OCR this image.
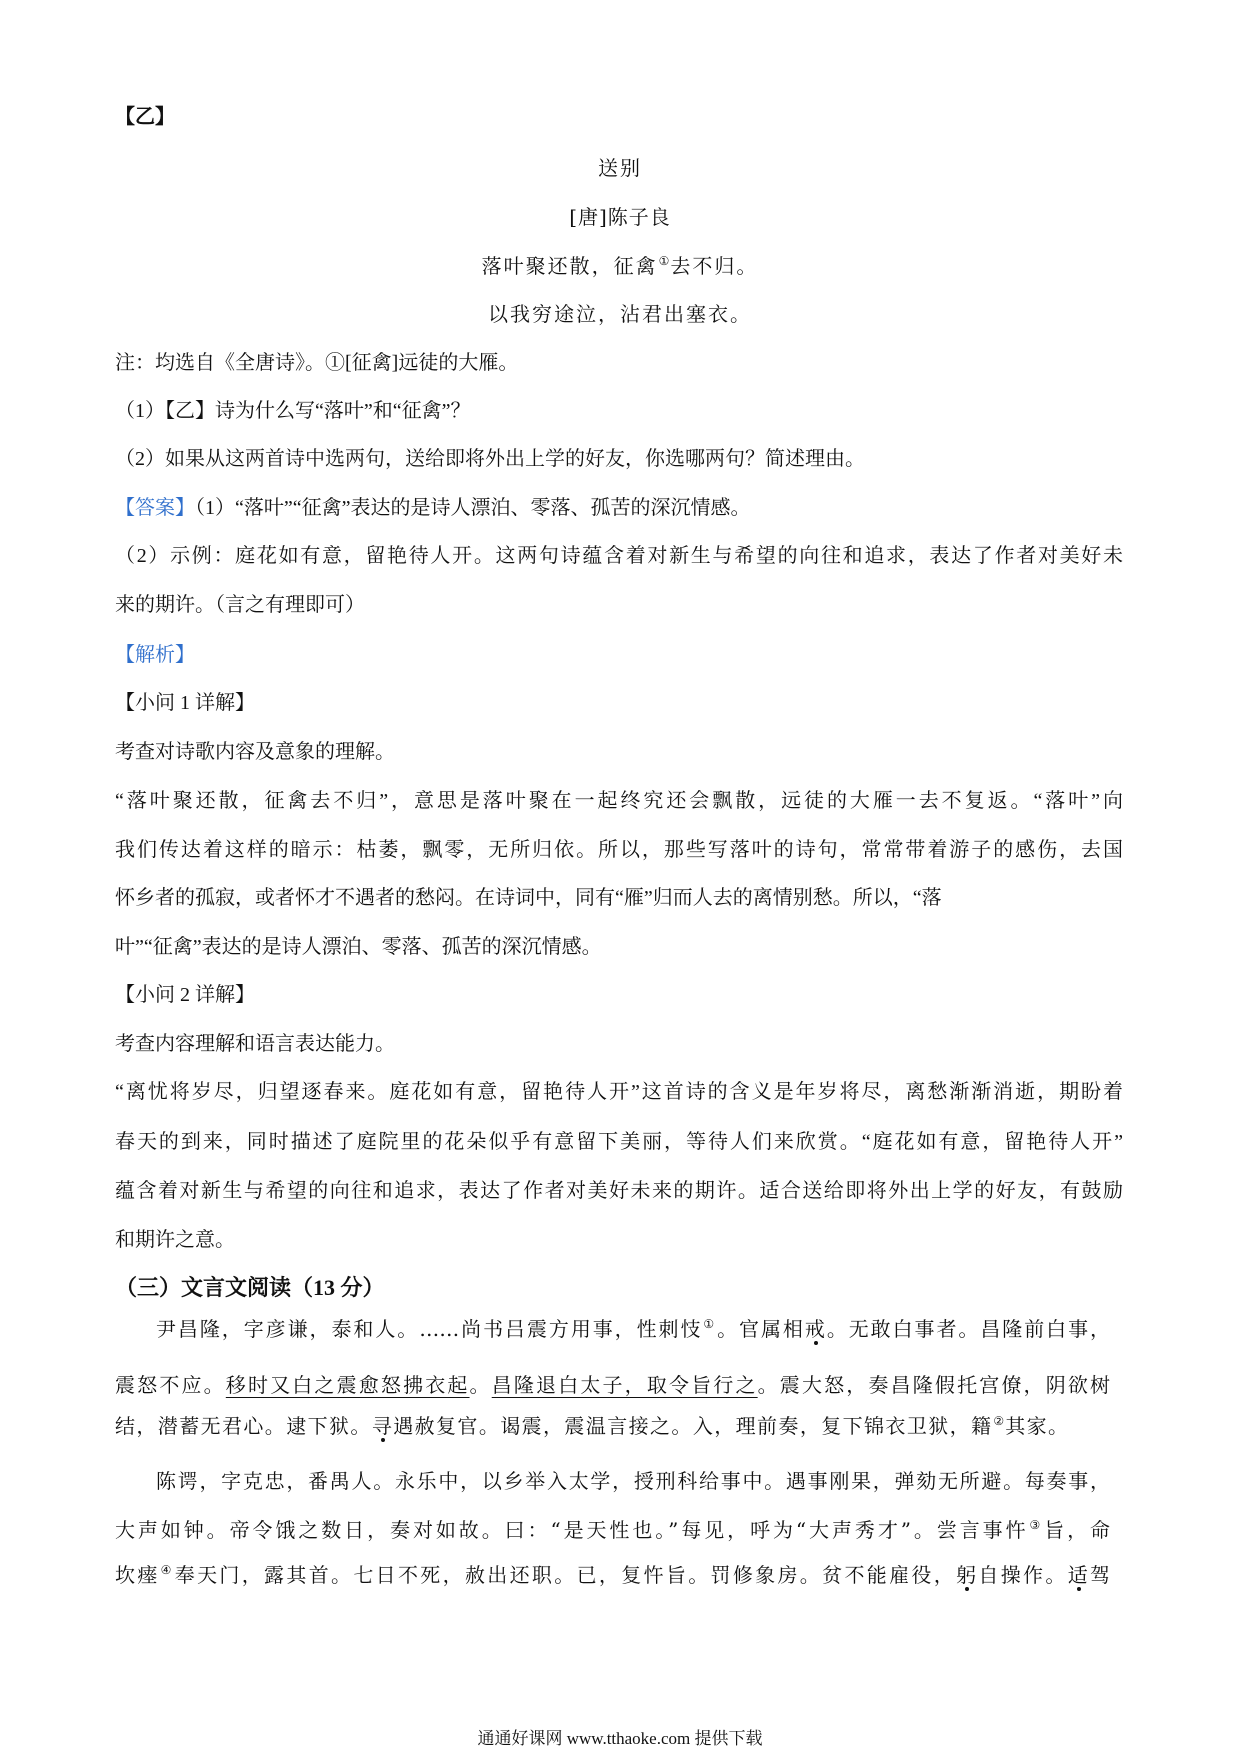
【乙】
送别
[唐]陈子良
落叶聚还散，征禽①去不归。
以我穷途泣，沾君出塞衣。
注：均选自《全唐诗》。①[征禽]远徒的大雁。
（1）【乙】诗为什么写“落叶”和“征禽”？
（2）如果从这两首诗中选两句，送给即将外出上学的好友，你选哪两句？简述理由。
【答案】（1）“落叶”“征禽”表达的是诗人漂泊、零落、孤苦的深沉情感。
（2）示例：庭花如有意，留艳待人开。这两句诗蕴含着对新生与希望的向往和追求，表达了作者对美好未
来的期许。（言之有理即可）
【解析】
【小问 1 详解】
考查对诗歌内容及意象的理解。
“落叶聚还散，征禽去不归”，意思是落叶聚在一起终究还会飘散，远徒的大雁一去不复返。“落叶”向
我们传达着这样的暗示：枯萎，飘零，无所归依。所以，那些写落叶的诗句，常常带着游子的感伤，去国
怀乡者的孤寂，或者怀才不遇者的愁闷。在诗词中，同有“雁”归而人去的离情别愁。所以，“落
叶”“征禽”表达的是诗人漂泊、零落、孤苦的深沉情感。
【小问 2 详解】
考查内容理解和语言表达能力。
“离忧将岁尽，归望逐春来。庭花如有意，留艳待人开”这首诗的含义是年岁将尽，离愁渐渐消逝，期盼着
春天的到来，同时描述了庭院里的花朵似乎有意留下美丽，等待人们来欣赏。“庭花如有意，留艳待人开”
蕴含着对新生与希望的向往和追求，表达了作者对美好未来的期许。适合送给即将外出上学的好友，有鼓励
和期许之意。
（三）文言文阅读（13 分）
尹昌隆，字彦谦，泰和人。……尚书吕震方用事，性刺忮①。官属相戒。无敢白事者。昌隆前白事，
震怒不应。移时又白之震愈怒拂衣起。昌隆退白太子，取令旨行之。震大怒，奏昌隆假托宫僚，阴欲树
结，潜蓄无君心。逮下狱。寻遇赦复官。谒震，震温言接之。入，理前奏，复下锦衣卫狱，籍②其家。
陈谔，字克忠，番禺人。永乐中，以乡举入太学，授刑科给事中。遇事刚果，弹劾无所避。每奏事，
大声如钟。帝令饿之数日，奏对如故。曰：“是天性也。”每见，呼为“大声秀才”。尝言事忤③旨，命
坎瘗④奉天门，露其首。七日不死，赦出还职。已，复忤旨。罚修象房。贫不能雇役，躬自操作。适驾
通通好课网 www.tthaoke.com 提供下载
